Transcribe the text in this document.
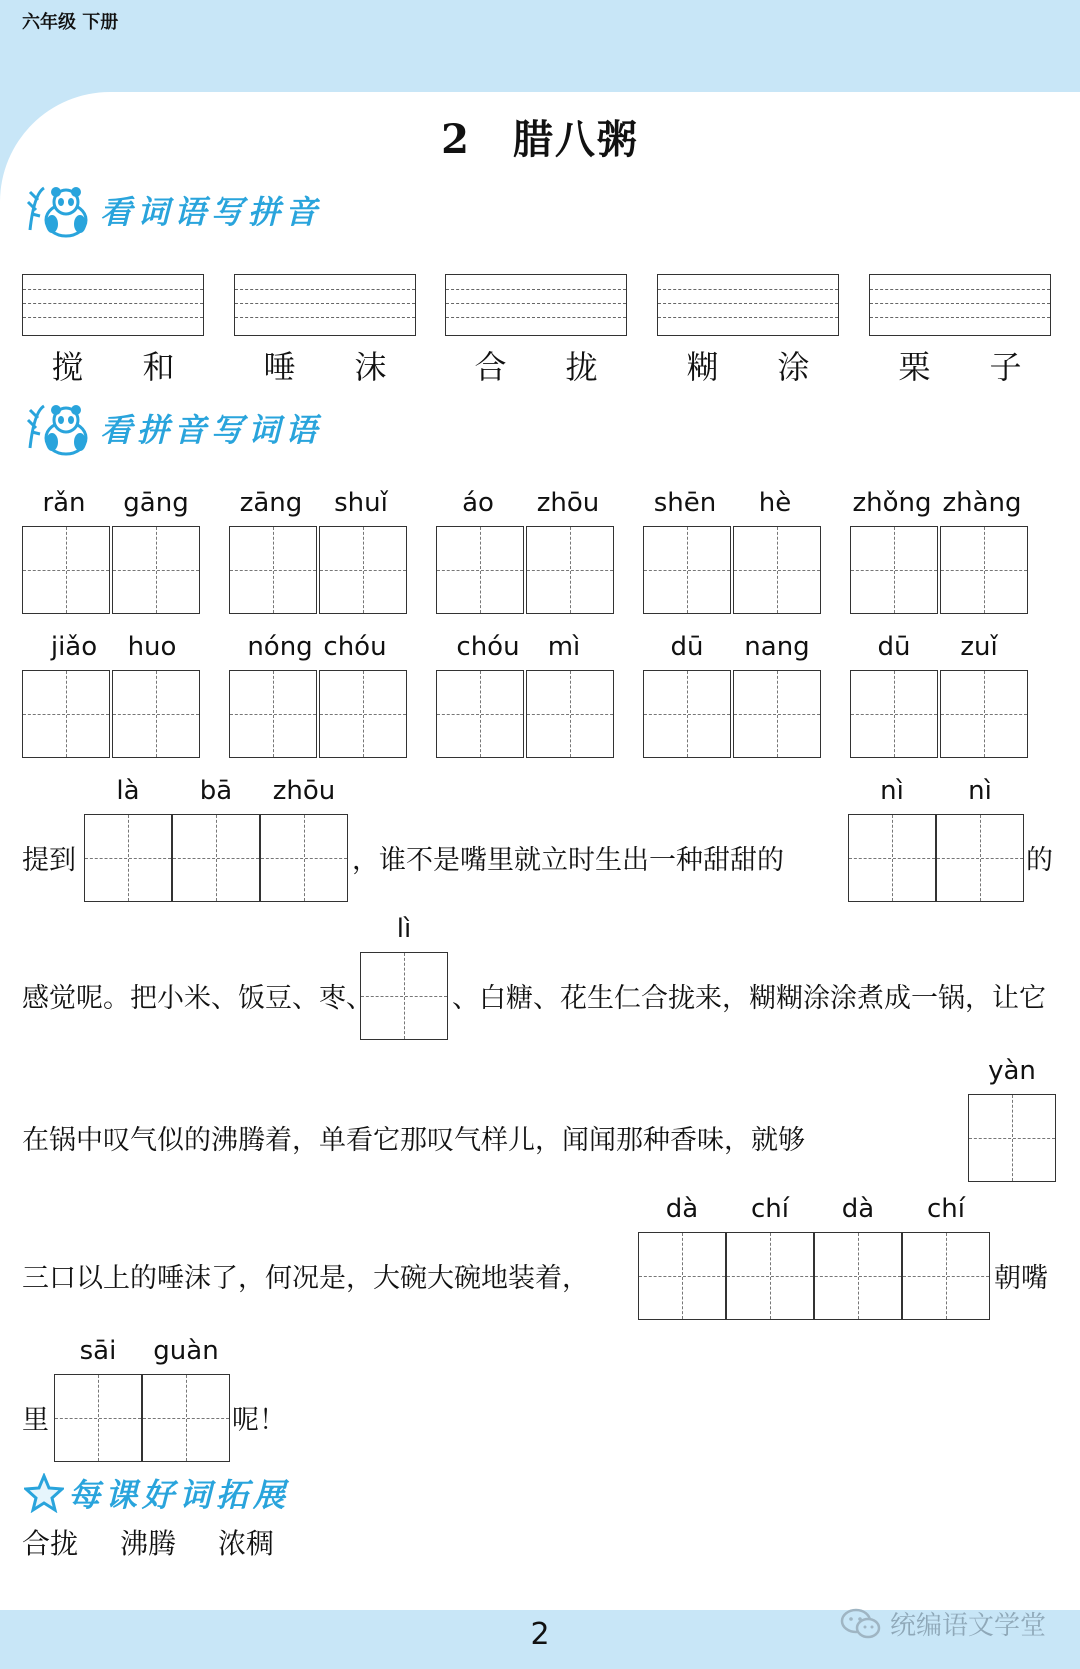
六年级 下册
2　腊八粥
看词语写拼音
搅 和	唾 沫	合 拢	糊 涂	栗 子
看拼音写词语
rǎn	gāng	zāng	shuǐ	áo	zhōu	shēn	hè	zhǒng zhàng
jiǎo	huo	nóng chóu	chóu	mì	dū	nang	dū	zuǐ
提到
là	bā	zhōu
，谁不是嘴里就立时生出一种甜甜的
nì	nì
的
感觉呢。把小米、饭豆、枣、
lì
、白糖、花生仁合拢来，糊糊涂涂煮成一锅，让它
在锅中叹气似的沸腾着，单看它那叹气样儿，闻闻那种香味，就够
yàn
三口以上的唾沫了，何况是，大碗大碗地装着，
dà	chí	dà	chí
朝嘴
里
sāi	guàn
呢！
每课好词拓展
合拢 沸腾 浓稠
2	统编语文学堂
